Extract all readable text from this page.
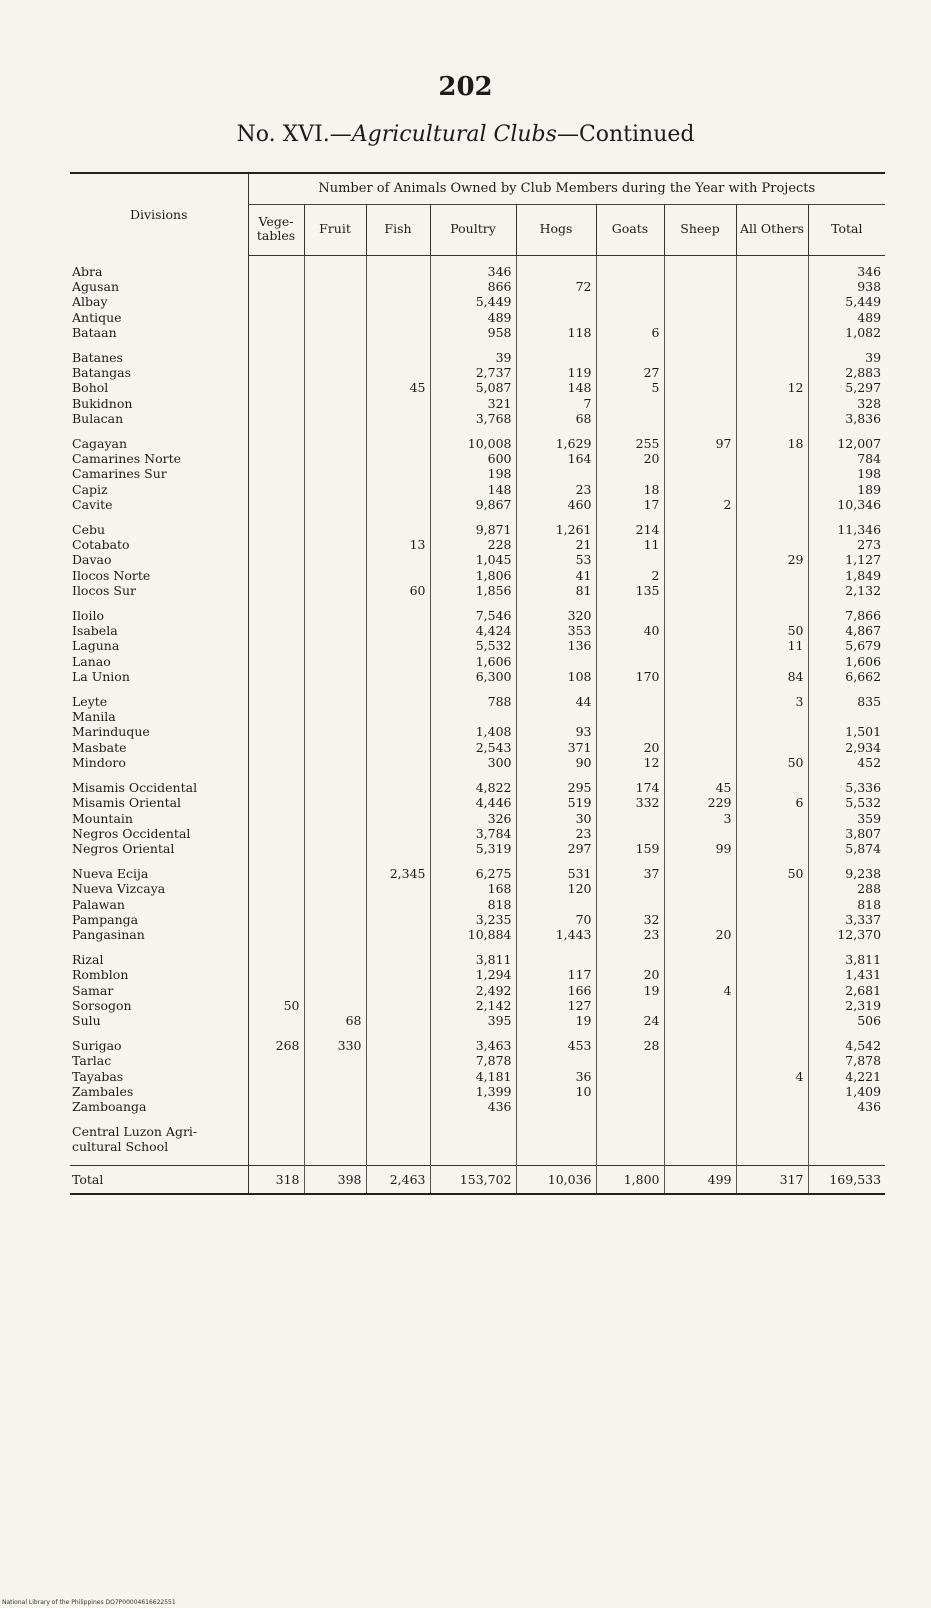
202
No. XVI.—Agricultural Clubs—Continued
Divisions	Number of Animals Owned by Club Members during the Year with Projects								
	Vege-tables	Fruit	Fish	Poultry	Hogs	Goats	Sheep	All Others	Total

Abra				346					346
Agusan				866	72				938
Albay				5,449					5,449
Antique				489					489
Bataan				958	118	6			1,082

Batanes				39					39
Batangas				2,737	119	27			2,883
Bohol			45	5,087	148	5		12	5,297
Bukidnon				321	7				328
Bulacan				3,768	68				3,836

Cagayan				10,008	1,629	255	97	18	12,007
Camarines Norte				600	164	20			784
Camarines Sur				198					198
Capiz				148	23	18			189
Cavite				9,867	460	17	2		10,346

Cebu				9,871	1,261	214			11,346
Cotabato			13	228	21	11			273
Davao				1,045	53			29	1,127
Ilocos Norte				1,806	41	2			1,849
Ilocos Sur			60	1,856	81	135			2,132

Iloilo				7,546	320				7,866
Isabela				4,424	353	40		50	4,867
Laguna				5,532	136			11	5,679
Lanao				1,606					1,606
La Union				6,300	108	170		84	6,662

Leyte				788	44			3	835
Manila									
Marinduque				1,408	93				1,501
Masbate				2,543	371	20			2,934
Mindoro				300	90	12		50	452

Misamis Occidental				4,822	295	174	45		5,336
Misamis Oriental				4,446	519	332	229	6	5,532
Mountain				326	30		3		359
Negros Occidental				3,784	23				3,807
Negros Oriental				5,319	297	159	99		5,874

Nueva Ecija			2,345	6,275	531	37		50	9,238
Nueva Vizcaya				168	120				288
Palawan				818					818
Pampanga				3,235	70	32			3,337
Pangasinan				10,884	1,443	23	20		12,370

Rizal				3,811					3,811
Romblon				1,294	117	20			1,431
Samar				2,492	166	19	4		2,681
Sorsogon	50			2,142	127				2,319
Sulu		68		395	19	24			506

Surigao	268	330		3,463	453	28			4,542
Tarlac				7,878					7,878
Tayabas				4,181	36			4	4,221
Zambales				1,399	10				1,409
Zamboanga				436					436

Central Luzon Agri-									
cultural School									

Total	318	398	2,463	153,702	10,036	1,800	499	317	169,533
National Library of the Philippines DO7P00004616622551
